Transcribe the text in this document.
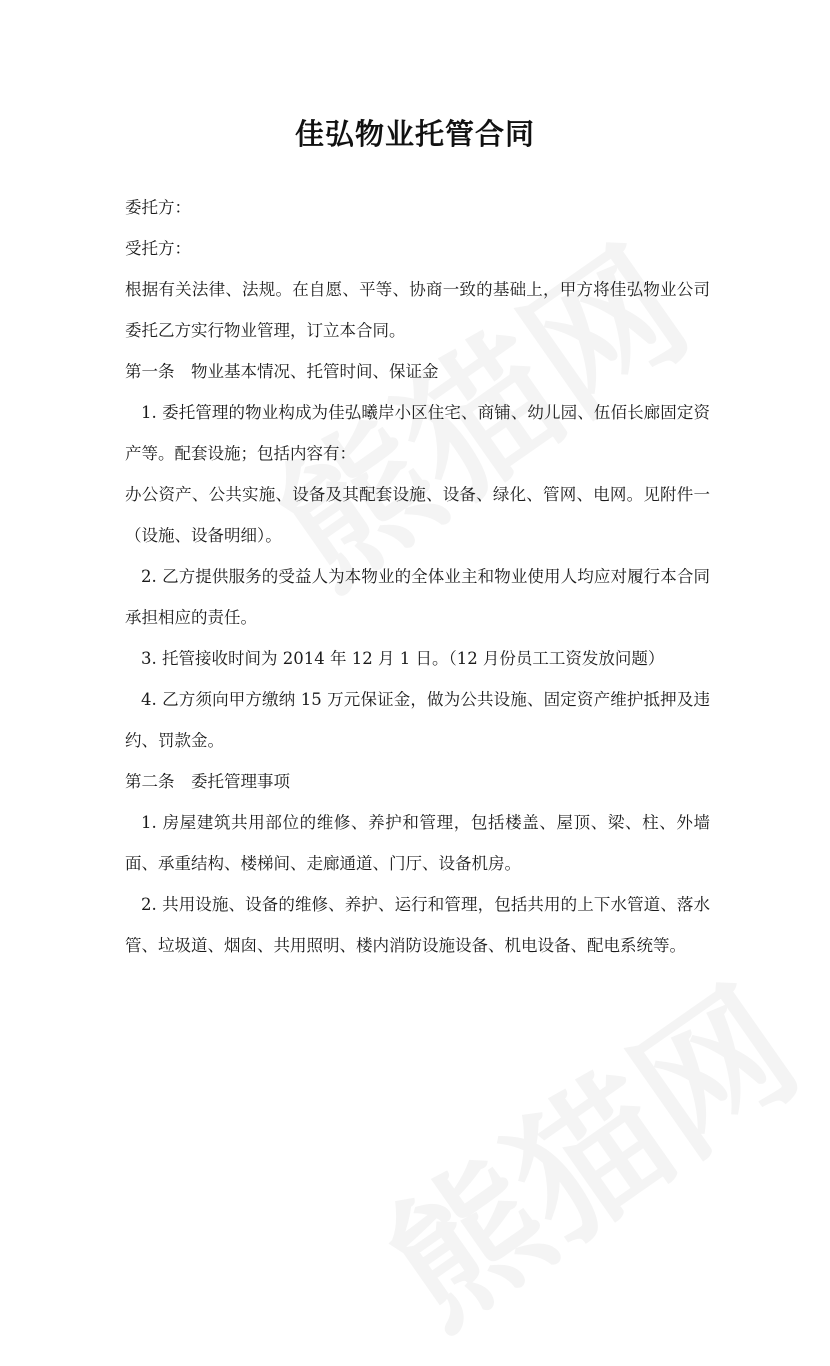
佳弘物业托管合同

委托方：

受托方：

根据有关法律、法规。在自愿、平等、协商一致的基础上，甲方将佳弘物业公司委托乙方实行物业管理，订立本合同。

第一条　物业基本情况、托管时间、保证金

1. 委托管理的物业构成为佳弘曦岸小区住宅、商铺、幼儿园、伍佰长廊固定资产等。配套设施；包括内容有：

办公资产、公共实施、设备及其配套设施、设备、绿化、管网、电网。见附件一（设施、设备明细）。

2. 乙方提供服务的受益人为本物业的全体业主和物业使用人均应对履行本合同承担相应的责任。

3. 托管接收时间为 2014 年 12 月 1 日。（12 月份员工工资发放问题）

4. 乙方须向甲方缴纳 15 万元保证金，做为公共设施、固定资产维护抵押及违约、罚款金。

第二条　委托管理事项

1. 房屋建筑共用部位的维修、养护和管理，包括楼盖、屋顶、梁、柱、外墙面、承重结构、楼梯间、走廊通道、门厅、设备机房。

2. 共用设施、设备的维修、养护、运行和管理，包括共用的上下水管道、落水管、垃圾道、烟囱、共用照明、楼内消防设施设备、机电设备、配电系统等。
